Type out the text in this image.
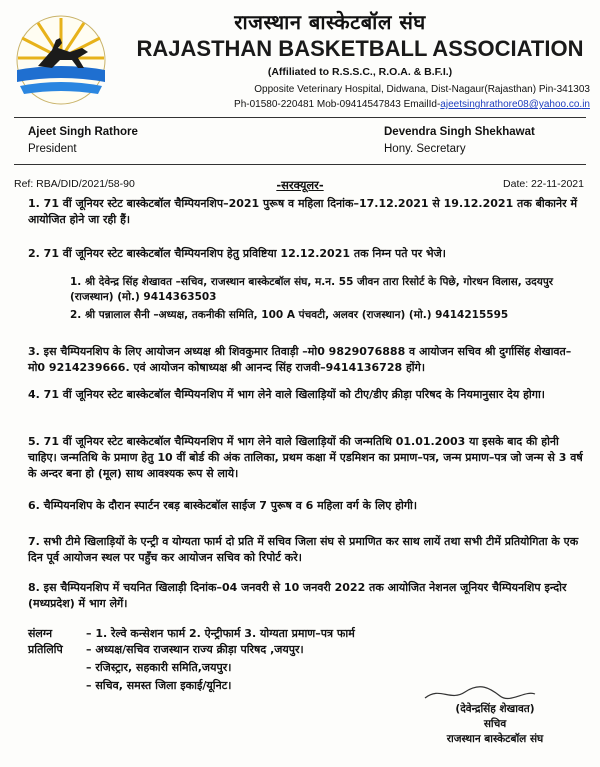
राजस्थान बास्केटबॉल संघ
RAJASTHAN BASKETBALL ASSOCIATION
(Affiliated to R.S.S.C., R.O.A. & B.F.I.)
Opposite Veterinary Hospital, Didwana, Dist-Nagaur(Rajasthan) Pin-341303
Ph-01580-220481 Mob-09414547843 EmailId-ajeetsinghrathore08@yahoo.co.in
Ajeet Singh Rathore
President
Devendra Singh Shekhawat
Hony. Secretary
Ref: RBA/DID/2021/58-90	-सरक्यूलर-	Date: 22-11-2021
1. 71 वीं जूनियर स्टेट बास्केटबॉल चैम्पियनशिप–2021 पुरूष व महिला दिनांक–17.12.2021 से 19.12.2021 तक बीकानेर में आयोजित होने जा रही हैं।
2. 71 वीं जूनियर स्टेट बास्केटबॉल चैम्पियनशिप हेतु प्रविष्टिया 12.12.2021 तक निम्न पते पर भेजे।
1. श्री देवेन्द्र सिंह शेखावत –सचिव, राजस्थान बास्केटबॉल संघ, म.न. 55 जीवन तारा रिसोर्ट के पिछे, गोरधन विलास, उदयपुर (राजस्थान) (मो.) 9414363503
2. श्री पन्नालाल सैनी –अध्यक्ष, तकनीकी समिति, 100 A पंचवटी, अलवर (राजस्थान) (मो.) 9414215595
3. इस चैम्पियनशिप के लिए आयोजन अध्यक्ष श्री शिवकुमार तिवाड़ी –मो0 9829076888 व आयोजन सचिव श्री दुर्गासिंह शेखावत– मो0 9214239666. एवं आयोजन कोषाध्यक्ष श्री आनन्द सिंह राजवी–9414136728 होंगे।
4. 71 वीं जूनियर स्टेट बास्केटबॉल चैम्पियनशिप में भाग लेने वाले खिलाड़ियों को टीए/डीए क्रीड़ा परिषद के नियमानुसार देय होगा।
5. 71 वीं जूनियर स्टेट बास्केटबॉल चैम्पियनशिप में भाग लेने वाले खिलाड़ियों की जन्मतिथि 01.01.2003 या इसके बाद की होनी चाहिए। जन्मतिथि के प्रमाण हेतु 10 वीं बोर्ड की अंक तालिका, प्रथम कक्षा में एडमिशन का प्रमाण–पत्र, जन्म प्रमाण–पत्र जो जन्म से 3 वर्ष के अन्दर बना हो (मूल) साथ आवश्यक रूप से लाये।
6. चैम्पियनशिप के दौरान स्पार्टन रबड़ बास्केटबॉल साईज 7 पुरूष व 6 महिला वर्ग के लिए होगी।
7. सभी टीमे खिलाड़ियों के एन्ट्री व योग्यता फार्म दो प्रति में सचिव जिला संघ से प्रमाणित कर साथ लायें तथा सभी टीमें प्रतियोगिता के एक दिन पूर्व आयोजन स्थल पर पहुँच कर आयोजन सचिव को रिपोर्ट करे।
8. इस चैम्पियनशिप में चयनित खिलाड़ी दिनांक–04 जनवरी से 10 जनवरी 2022 तक आयोजित नेशनल जूनियर चैम्पियनशिप इन्दोर (मध्यप्रदेश) में भाग लेगें।
संलग्न	– 1. रेल्वे कन्सेशन फार्म 2. ऐन्ट्रीफार्म 3. योग्यता प्रमाण–पत्र फार्म
प्रतिलिपि – अध्यक्ष/सचिव राजस्थान राज्य क्रीड़ा परिषद ,जयपुर।
– रजिस्ट्रार, सहकारी समिति,जयपुर।
– सचिव, समस्त जिला इकाई/यूनिट।
(देवेन्द्रसिंह शेखावत)
सचिव
राजस्थान बास्केटबॉल संघ
